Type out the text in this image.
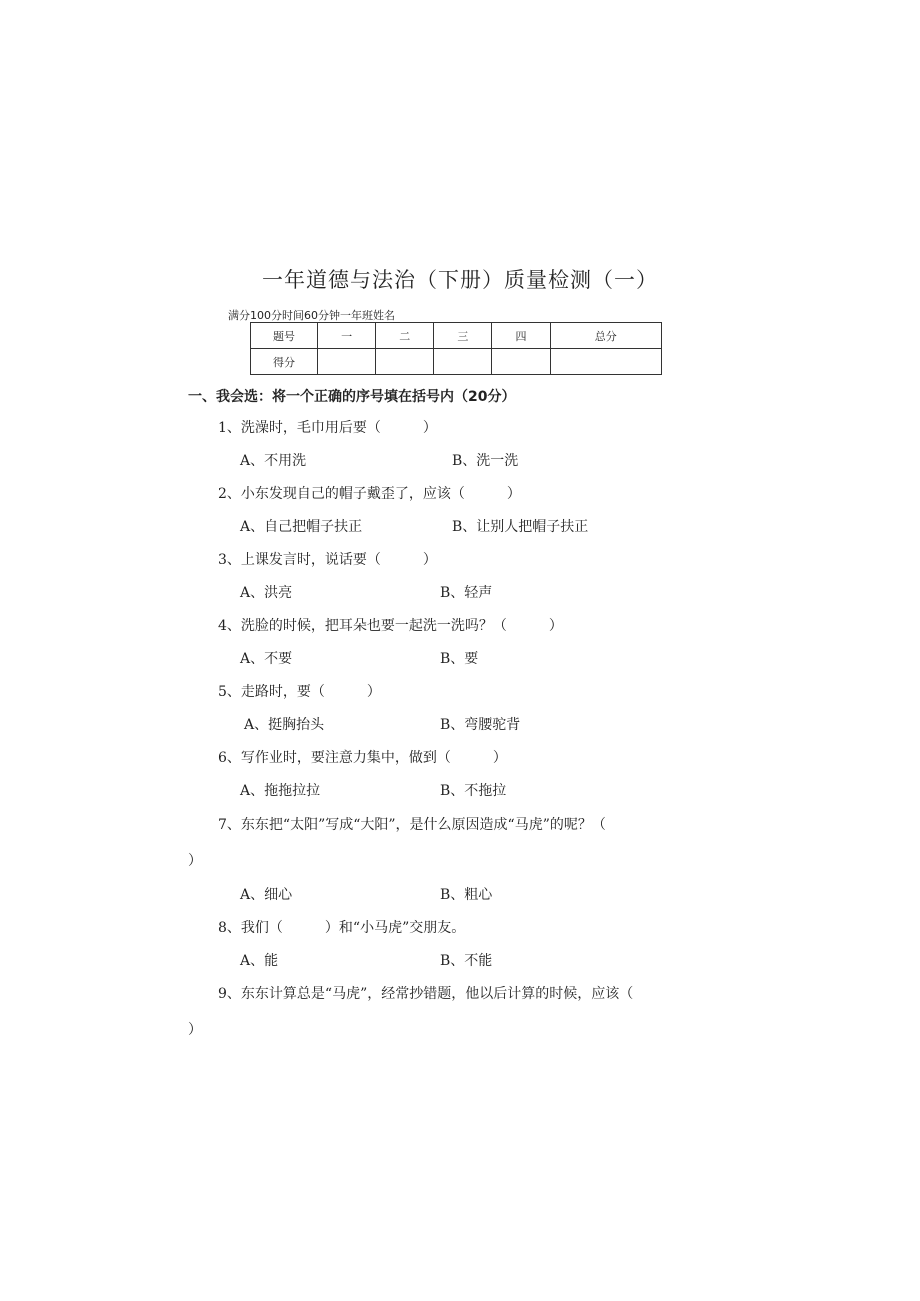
一年道德与法治（下册）质量检测（一）
满分100分时间60分钟一年班姓名
题号	一	二	三	四	总分
得分					
一、我会选：将一个正确的序号填在括号内（20分）
1、洗澡时，毛巾用后要（　　　）
A、不用洗	B、洗一洗
2、小东发现自己的帽子戴歪了，应该（　　　）
A、自己把帽子扶正	B、让别人把帽子扶正
3、上课发言时，说话要（　　　）
A、洪亮	B、轻声
4、洗脸的时候，把耳朵也要一起洗一洗吗？（　　　）
A、不要	B、要
5、走路时，要（　　　）
A、挺胸抬头	B、弯腰驼背
6、写作业时，要注意力集中，做到（　　　）
A、拖拖拉拉	B、不拖拉
7、东东把“太阳”写成“大阳”，是什么原因造成“马虎”的呢？（
）
A、细心	B、粗心
8、我们（　　　）和“小马虎”交朋友。
A、能	B、不能
9、东东计算总是“马虎”，经常抄错题，他以后计算的时候，应该（
）
